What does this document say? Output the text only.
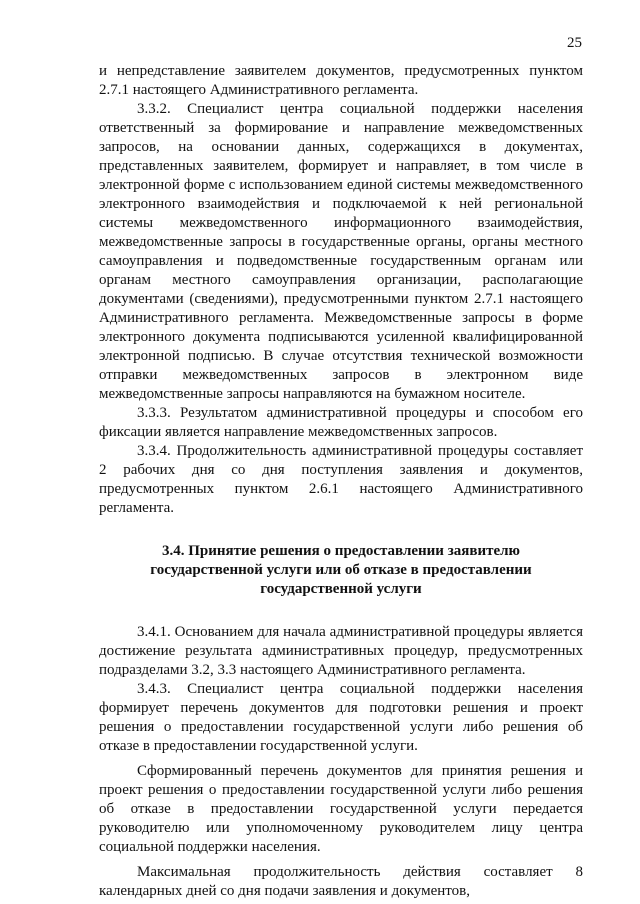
25

и непредставление заявителем документов, предусмотренных пунктом 2.7.1 настоящего Административного регламента.

3.3.2. Специалист центра социальной поддержки населения ответственный за формирование и направление межведомственных запросов, на основании данных, содержащихся в документах, представленных заявителем, формирует и направляет, в том числе в электронной форме с использованием единой системы межведомственного электронного взаимодействия и подключаемой к ней региональной системы межведомственного информационного взаимодействия, межведомственные запросы в государственные органы, органы местного самоуправления и подведомственные государственным органам или органам местного самоуправления организации, располагающие документами (сведениями), предусмотренными пунктом 2.7.1 настоящего Административного регламента. Межведомственные запросы в форме электронного документа подписываются усиленной квалифицированной электронной подписью. В случае отсутствия технической возможности отправки межведомственных запросов в электронном виде межведомственные запросы направляются на бумажном носителе.

3.3.3. Результатом административной процедуры и способом его фиксации является направление межведомственных запросов.

3.3.4. Продолжительность административной процедуры составляет 2 рабочих дня со дня поступления заявления и документов, предусмотренных пунктом 2.6.1 настоящего Административного регламента.

3.4. Принятие решения о предоставлении заявителю государственной услуги или об отказе в предоставлении государственной услуги

3.4.1. Основанием для начала административной процедуры является достижение результата административных процедур, предусмотренных подразделами 3.2, 3.3 настоящего Административного регламента.

3.4.3. Специалист центра социальной поддержки населения формирует перечень документов для подготовки решения и проект решения о предоставлении государственной услуги либо решения об отказе в предоставлении государственной услуги.

Сформированный перечень документов для принятия решения и проект решения о предоставлении государственной услуги либо решения об отказе в предоставлении государственной услуги передается руководителю или уполномоченному руководителем лицу центра социальной поддержки населения.

Максимальная продолжительность действия составляет 8 календарных дней со дня подачи заявления и документов,
